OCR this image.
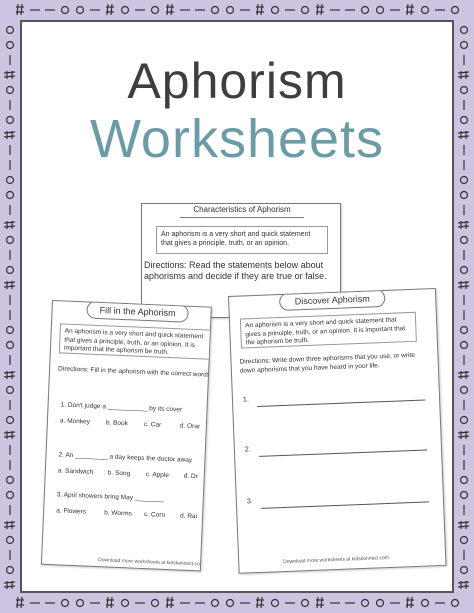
Aphorism
Worksheets
Characteristics of Aphorism
An aphorism is a very short and quick statement that gives a principle, truth, or an opinion.
Directions: Read the statements below about aphorisms and decide if they are true or false.
Fill in the Aphorism
An aphorism is a very short and quick statement that gives a principle, truth, or an opinion. It is important that the aphorism be truth.
Directions: Fill in the aphorism with the correct words
1. Don't judge a ___________ by its cover
a. Monkey b. Book c. Car	d. Orar
2. An _________ a day keeps the doctor away
a. Sandwich b. Song c. Apple d. Dr
3. April showers bring May ________
a. Flowers	b. Worms c. Corn d. Rai
Download more worksheets at kidskonnect.com
Discover Aphorism
An aphorism is a very short and quick statement that gives a principle, truth, or an opinion. It is important that the aphorism be truth.
Directions: Write down three aphorisms that you use, or write down aphorisms that you have heard in your life.
1.
2.
3.
Download more worksheets at kidskonnect.com
